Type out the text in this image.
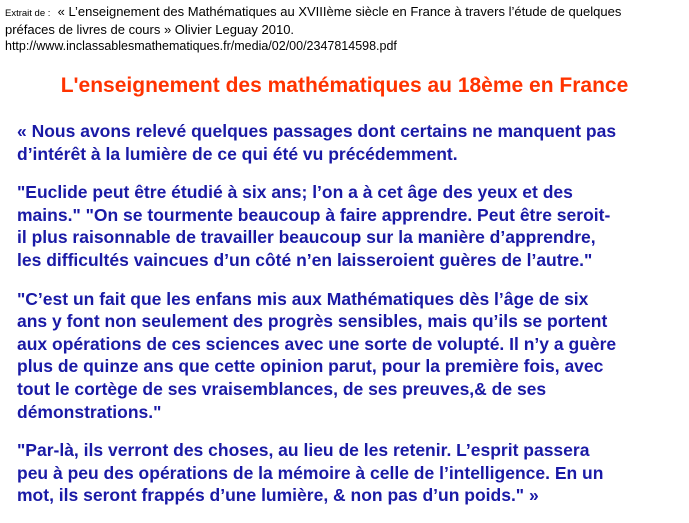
Extrait de : « L’enseignement des Mathématiques au XVIIIème siècle en France à travers l’étude de quelques
préfaces de livres de cours » Olivier Leguay 2010.
http://www.inclassablesmathematiques.fr/media/02/00/2347814598.pdf
L'enseignement des mathématiques au 18ème en France
« Nous avons relevé quelques passages dont certains ne manquent pas
d’intérêt à la lumière de ce qui été vu précédemment.
"Euclide peut être étudié à six ans; l’on a à cet âge des yeux et des
mains." "On se tourmente beaucoup à faire apprendre. Peut être seroit-
il plus raisonnable de travailler beaucoup sur la manière d’apprendre,
les difficultés vaincues d’un côté n’en laisseroient guères de l’autre."
"C’est un fait que les enfans mis aux Mathématiques dès l’âge de six
ans y font non seulement des progrès sensibles, mais qu’ils se portent
aux opérations de ces sciences avec une sorte de volupté. Il n’y a guère
plus de quinze ans que cette opinion parut, pour la première fois, avec
tout le cortège de ses vraisemblances, de ses preuves,& de ses
démonstrations."
"Par-là, ils verront des choses, au lieu de les retenir. L’esprit passera
peu à peu des opérations de la mémoire à celle de l’intelligence. En un
mot, ils seront frappés d’une lumière, & non pas d’un poids." »
